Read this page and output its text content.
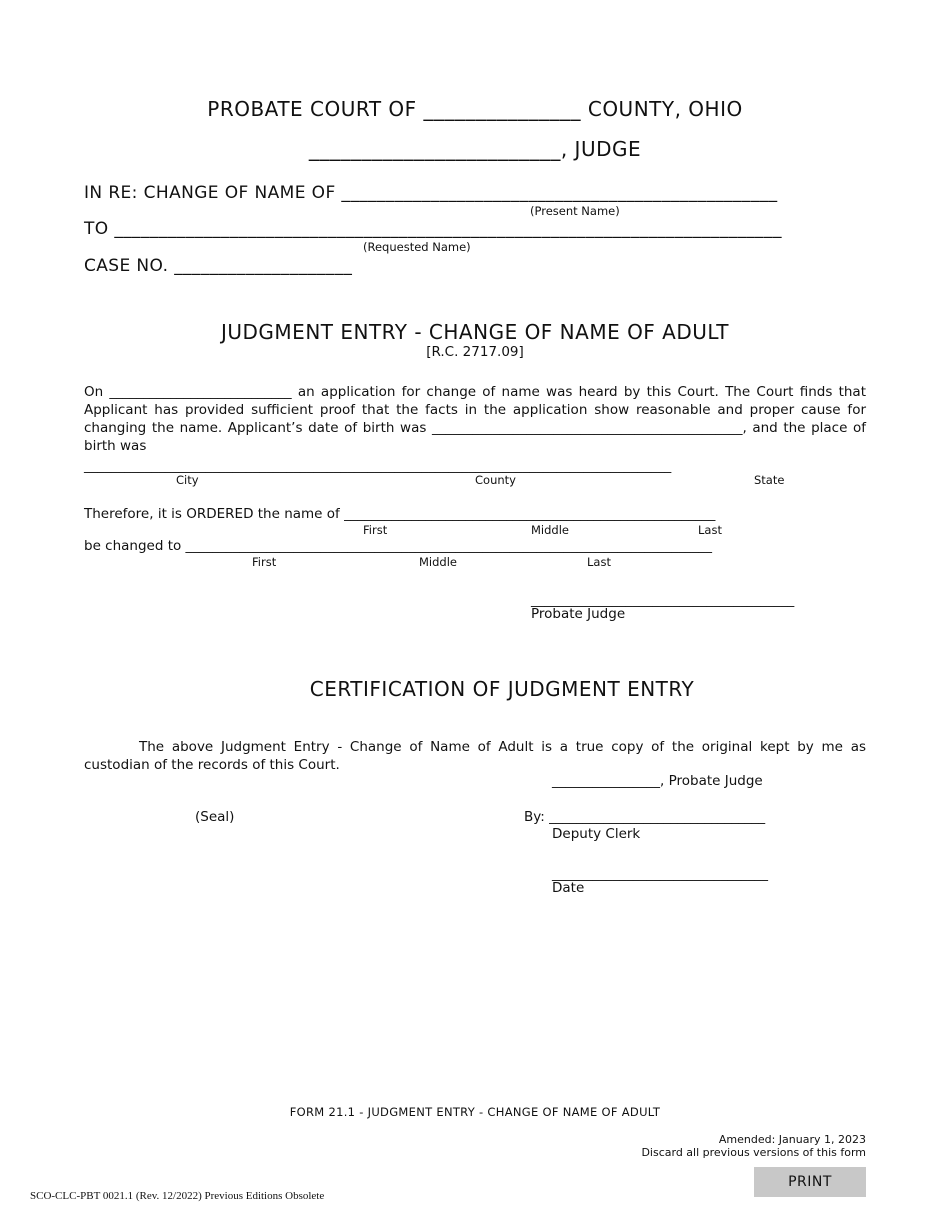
PROBATE COURT OF _______________ COUNTY, OHIO
________________________, JUDGE
IN RE: CHANGE OF NAME OF _________________________________________________
(Present Name)
TO ___________________________________________________________________________
(Requested Name)
CASE NO. ____________________
JUDGMENT ENTRY - CHANGE OF NAME OF ADULT
[R.C. 2717.09]
On ___________________________ an application for change of name was heard by this Court. The Court finds that Applicant has provided sufficient proof that the facts in the application show reasonable and proper cause for changing the name. Applicant’s date of birth was ______________________________________________, and the place of birth was
_______________________________________________________________________________________
City	County	State
Therefore, it is ORDERED the name of _______________________________________________________
First	Middle	Last
be changed to ______________________________________________________________________________
First	Middle	Last
_______________________________________
Probate Judge
CERTIFICATION OF JUDGMENT ENTRY
The above Judgment Entry - Change of Name of Adult is a true copy of the original kept by me as custodian of the records of this Court.
________________, Probate Judge
(Seal)	By: ________________________________
Deputy Clerk
________________________________
Date
FORM 21.1 - JUDGMENT ENTRY - CHANGE OF NAME OF ADULT
Amended: January 1, 2023
Discard all previous versions of this form
SCO-CLC-PBT 0021.1 (Rev. 12/2022) Previous Editions Obsolete
PRINT
